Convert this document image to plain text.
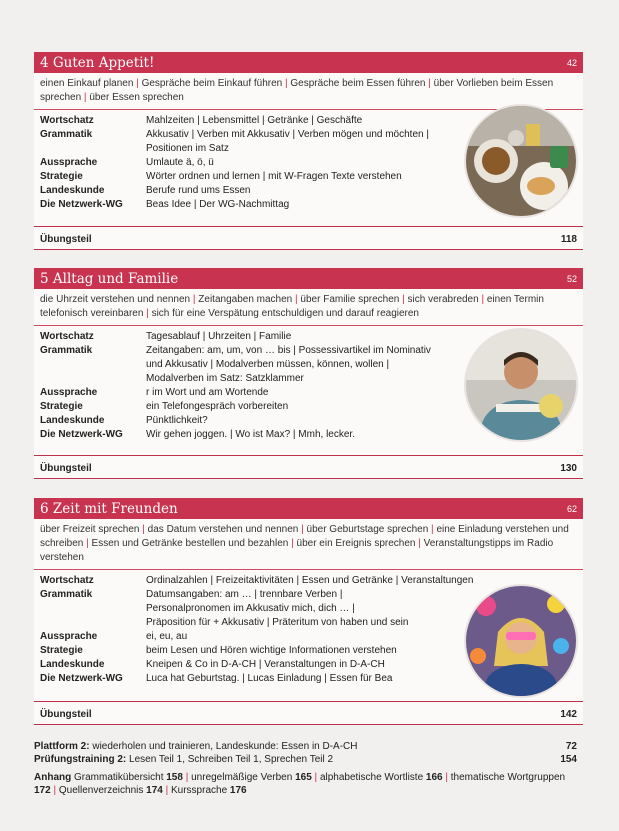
4 Guten Appetit!	42
einen Einkauf planen | Gespräche beim Einkauf führen | Gespräche beim Essen führen | über Vorlieben beim Essen sprechen | über Essen sprechen
Wortschatz	Mahlzeiten | Lebensmittel | Getränke | Geschäfte
Grammatik	Akkusativ | Verben mit Akkusativ | Verben mögen und möchten |
Positionen im Satz
Aussprache	Umlaute ä, ö, ü
Strategie	Wörter ordnen und lernen | mit W-Fragen Texte verstehen
Landeskunde	Berufe rund ums Essen
Die Netzwerk-WG	Beas Idee | Der WG-Nachmittag
Übungsteil	118
5 Alltag und Familie	52
die Uhrzeit verstehen und nennen | Zeitangaben machen | über Familie sprechen | sich verabreden | einen Termin telefonisch vereinbaren | sich für eine Verspätung entschuldigen und darauf reagieren
Wortschatz	Tagesablauf | Uhrzeiten | Familie
Grammatik	Zeitangaben: am, um, von … bis | Possessivartikel im Nominativ
und Akkusativ | Modalverben müssen, können, wollen |
Modalverben im Satz: Satzklammer
Aussprache	r im Wort und am Wortende
Strategie	ein Telefongespräch vorbereiten
Landeskunde	Pünktlichkeit?
Die Netzwerk-WG	Wir gehen joggen. | Wo ist Max? | Mmh, lecker.
Übungsteil	130
6 Zeit mit Freunden	62
über Freizeit sprechen | das Datum verstehen und nennen | über Geburtstage sprechen | eine Einladung verstehen und schreiben | Essen und Getränke bestellen und bezahlen | über ein Ereignis sprechen | Veranstaltungstipps im Radio verstehen
Wortschatz	Ordinalzahlen | Freizeitaktivitäten | Essen und Getränke | Veranstaltungen
Grammatik	Datumsangaben: am … | trennbare Verben |
Personalpronomen im Akkusativ mich, dich … |
Präposition für + Akkusativ | Präteritum von haben und sein
Aussprache	ei, eu, au
Strategie	beim Lesen und Hören wichtige Informationen verstehen
Landeskunde	Kneipen & Co in D-A-CH | Veranstaltungen in D-A-CH
Die Netzwerk-WG	Luca hat Geburtstag. | Lucas Einladung | Essen für Bea
Übungsteil	142
Plattform 2: wiederholen und trainieren, Landeskunde: Essen in D-A-CH	72
Prüfungstraining 2: Lesen Teil 1, Schreiben Teil 1, Sprechen Teil 2	154
Anhang Grammatikübersicht 158 | unregelmäßige Verben 165 | alphabetische Wortliste 166 | thematische Wortgruppen 172 | Quellenverzeichnis 174 | Kurssprache 176
